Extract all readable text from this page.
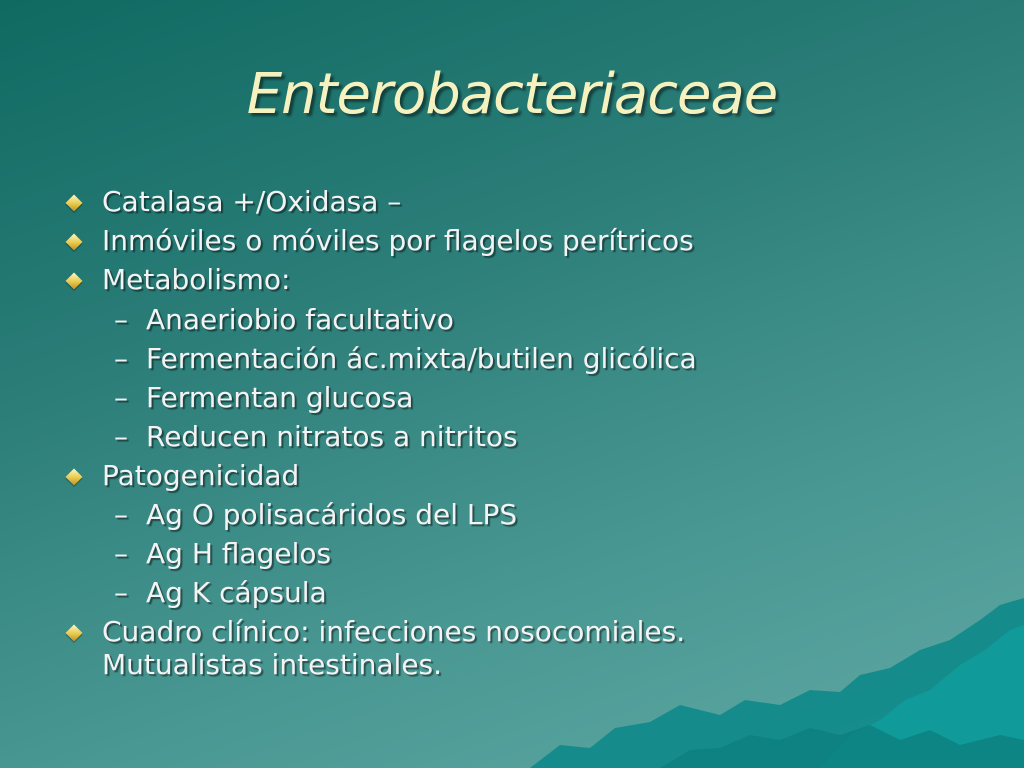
Enterobacteriaceae
Catalasa +/Oxidasa –
Inmóviles o móviles por flagelos perítricos
Metabolismo:
– Anaeriobio facultativo
– Fermentación ác.mixta/butilen glicólica
– Fermentan glucosa
– Reducen nitratos a nitritos
Patogenicidad
– Ag O polisacáridos del LPS
– Ag H flagelos
– Ag K cápsula
Cuadro clínico: infecciones nosocomiales.
Mutualistas intestinales.
